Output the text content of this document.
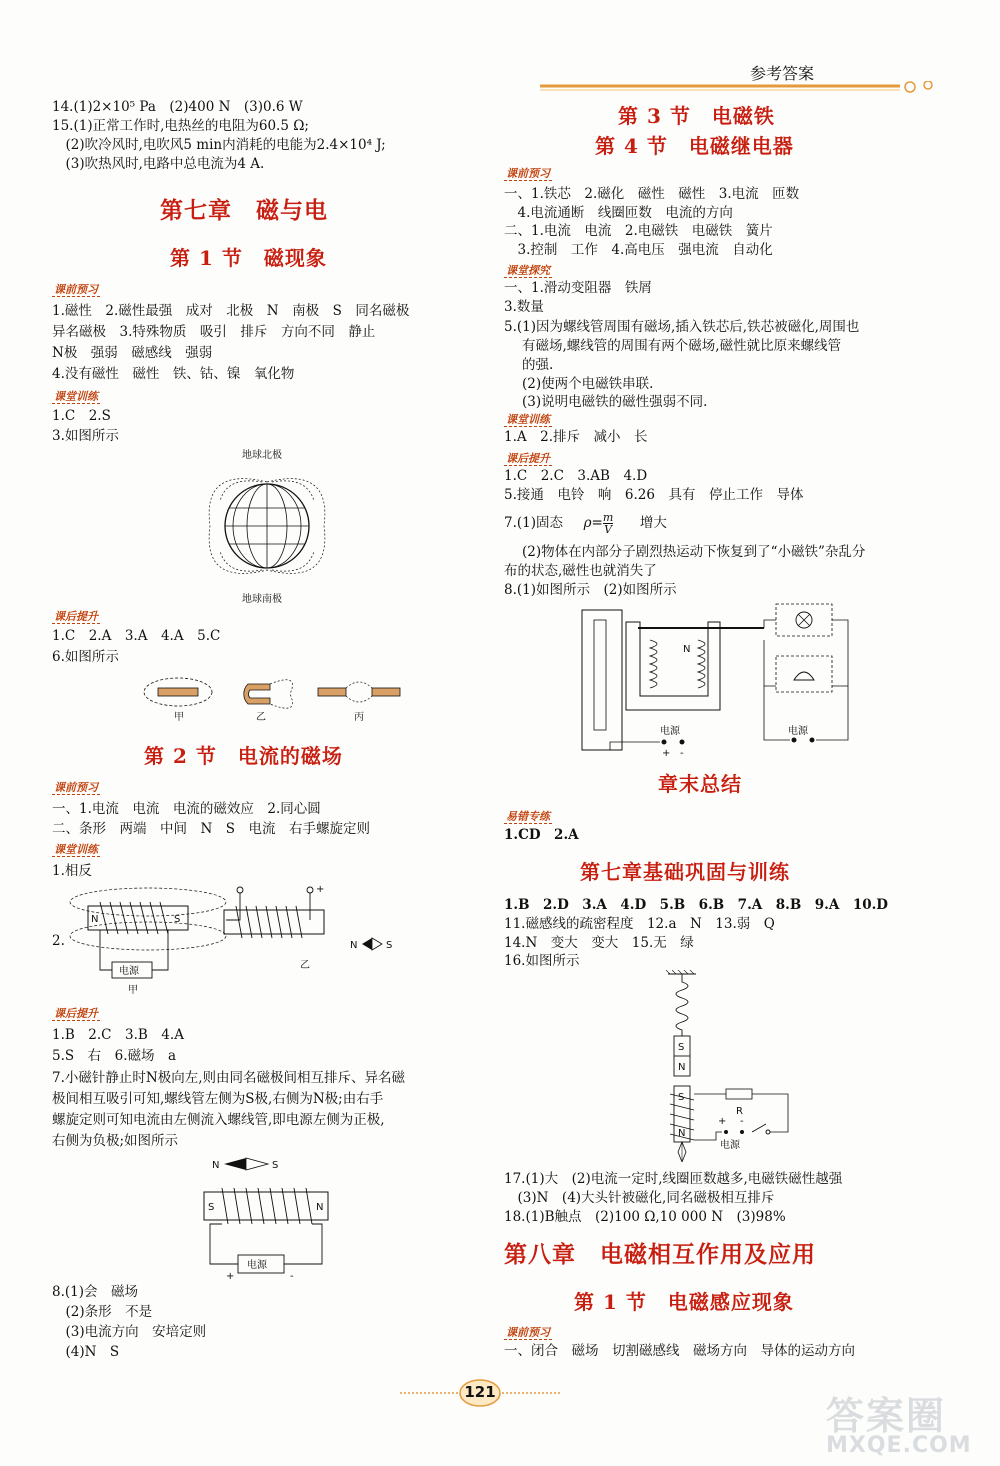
参考答案
14.(1)2×10⁵ Pa　(2)400 N　(3)0.6 W
15.(1)正常工作时,电热丝的电阻为60.5 Ω;
　(2)吹冷风时,电吹风5 min内消耗的电能为2.4×10⁴ J;
　(3)吹热风时,电路中总电流为4 A.
第七章　磁与电
第 1 节　磁现象
课前预习
1.磁性　2.磁性最强　成对　北极　N　南极　S　同名磁极
异名磁极　3.特殊物质　吸引　排斥　方向不同　静止
N极　强弱　磁感线　强弱
4.没有磁性　磁性　铁、钴、镍　氧化物
课堂训练
1.C　2.S
3.如图所示
地球北极
地球南极
课后提升
1.C　2.A　3.A　4.A　5.C
6.如图所示
甲	乙	丙
第 2 节　电流的磁场
课前预习
一、1.电流　电流　电流的磁效应　2.同心圆
二、条形　两端　中间　N　S　电流　右手螺旋定则
课堂训练
1.相反
2.
N	S
电源
甲
+
乙
N	S
课后提升
1.B　2.C　3.B　4.A
5.S　右　6.磁场　a
7.小磁针静止时N极向左,则由同名磁极间相互排斥、异名磁
极间相互吸引可知,螺线管左侧为S极,右侧为N极;由右手
螺旋定则可知电流由左侧流入螺线管,即电源左侧为正极,
右侧为负极;如图所示
N	S
S	N
电源
+	-
8.(1)会　磁场
　(2)条形　不是
　(3)电流方向　安培定则
　(4)N　S
第 3 节　电磁铁
第 4 节　电磁继电器
课前预习
一、1.铁芯　2.磁化　磁性　磁性　3.电流　匝数
　4.电流通断　线圈匝数　电流的方向
二、1.电流　电流　2.电磁铁　电磁铁　簧片
　3.控制　工作　4.高电压　强电流　自动化
课堂探究
一、1.滑动变阻器　铁屑
3.数量
5.(1)因为螺线管周围有磁场,插入铁芯后,铁芯被磁化,周围也
有磁场,螺线管的周围有两个磁场,磁性就比原来螺线管
的强.
(2)使两个电磁铁串联.
(3)说明电磁铁的磁性强弱不同.
课堂训练
1.A　2.排斥　减小　长
课后提升
1.C　2.C　3.AB　4.D
5.接通　电铃　响　6.26　具有　停止工作　导体
7.(1)固态 $\rho= \frac{m}{V}$ 增大
(2)物体在内部分子剧烈热运动下恢复到了“小磁铁”杂乱分
布的状态,磁性也就消失了
8.(1)如图所示　(2)如图所示
N
电源
电源
+ -
章末总结
易错专练
1.CD　2.A
第七章基础巩固与训练
1.B　2.D　3.A　4.D　5.B　6.B　7.A　8.B　9.A　10.D
11.磁感线的疏密程度　12.a　N　13.弱　Q
14.N　变大　变大　15.无　绿
16.如图所示
S
N
S
N
R
+ -
电源
17.(1)大　(2)电流一定时,线圈匝数越多,电磁铁磁性越强
　(3)N　(4)大头针被磁化,同名磁极相互排斥
18.(1)B触点　(2)100 Ω,10 000 N　(3)98%
第八章　电磁相互作用及应用
第 1 节　电磁感应现象
课前预习
一、闭合　磁场　切割磁感线　磁场方向　导体的运动方向
121
答案圈
MXQE.COM
